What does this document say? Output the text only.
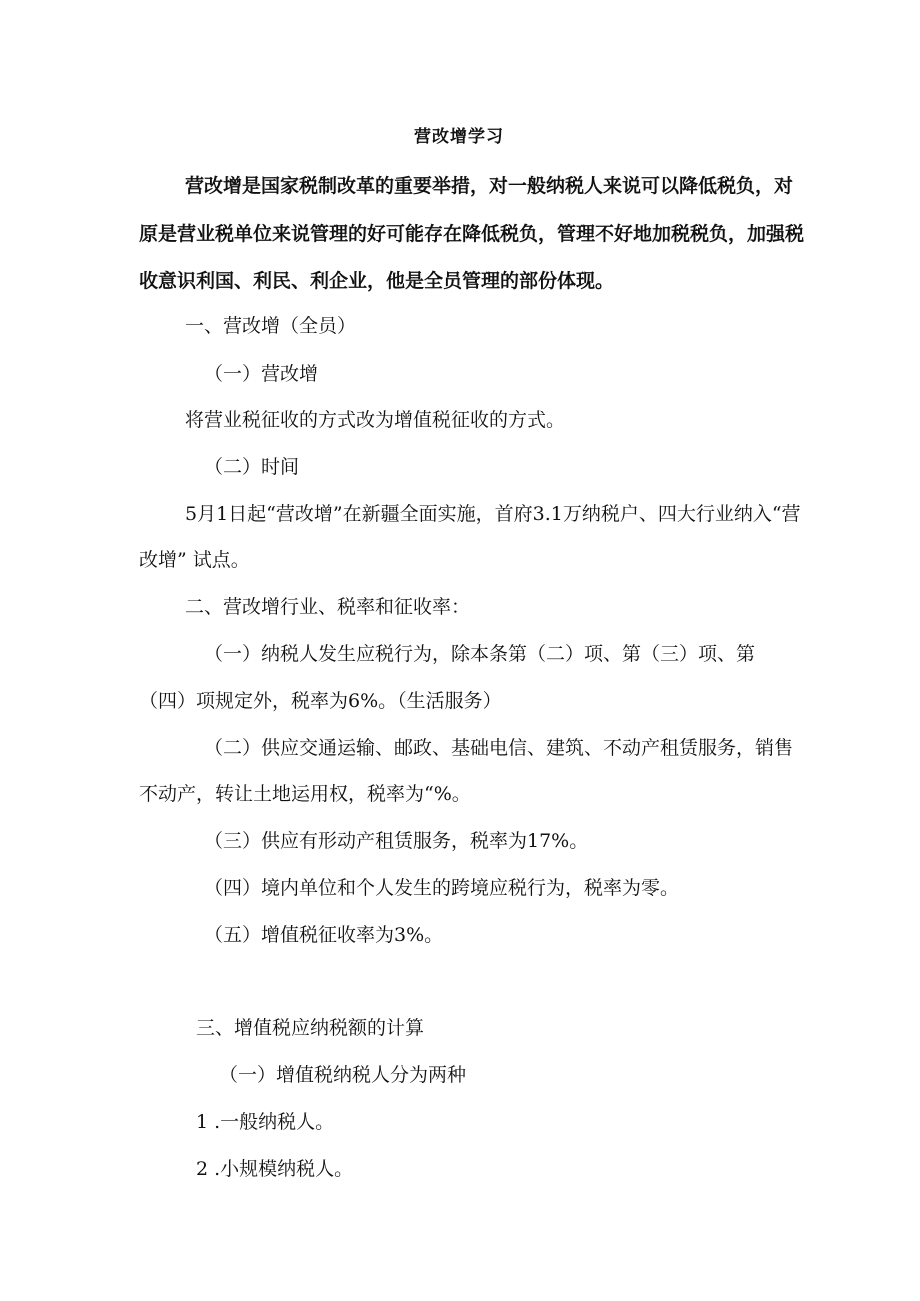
营改增学习

营改增是国家税制改革的重要举措，对一般纳税人来说可以降低税负，对

原是营业税单位来说管理的好可能存在降低税负，管理不好地加税税负，加强税

收意识利国、利民、利企业，他是全员管理的部份体现。

一、营改增（全员）

（一）营改增

将营业税征收的方式改为增值税征收的方式。

（二）时间

5月1日起“营改增”在新疆全面实施，首府3.1万纳税户、四大行业纳入“营

改增” 试点。

二、营改增行业、税率和征收率：

（一）纳税人发生应税行为，除本条第（二）项、第（三）项、第

（四）项规定外，税率为6%。（生活服务）

（二）供应交通运输、邮政、基础电信、建筑、不动产租赁服务，销售

不动产，转让土地运用权，税率为“%。

（三）供应有形动产租赁服务，税率为17%。

（四）境内单位和个人发生的跨境应税行为，税率为零。

（五）增值税征收率为3%。

三、增值税应纳税额的计算

（一）增值税纳税人分为两种

1 .一般纳税人。

2 .小规模纳税人。
